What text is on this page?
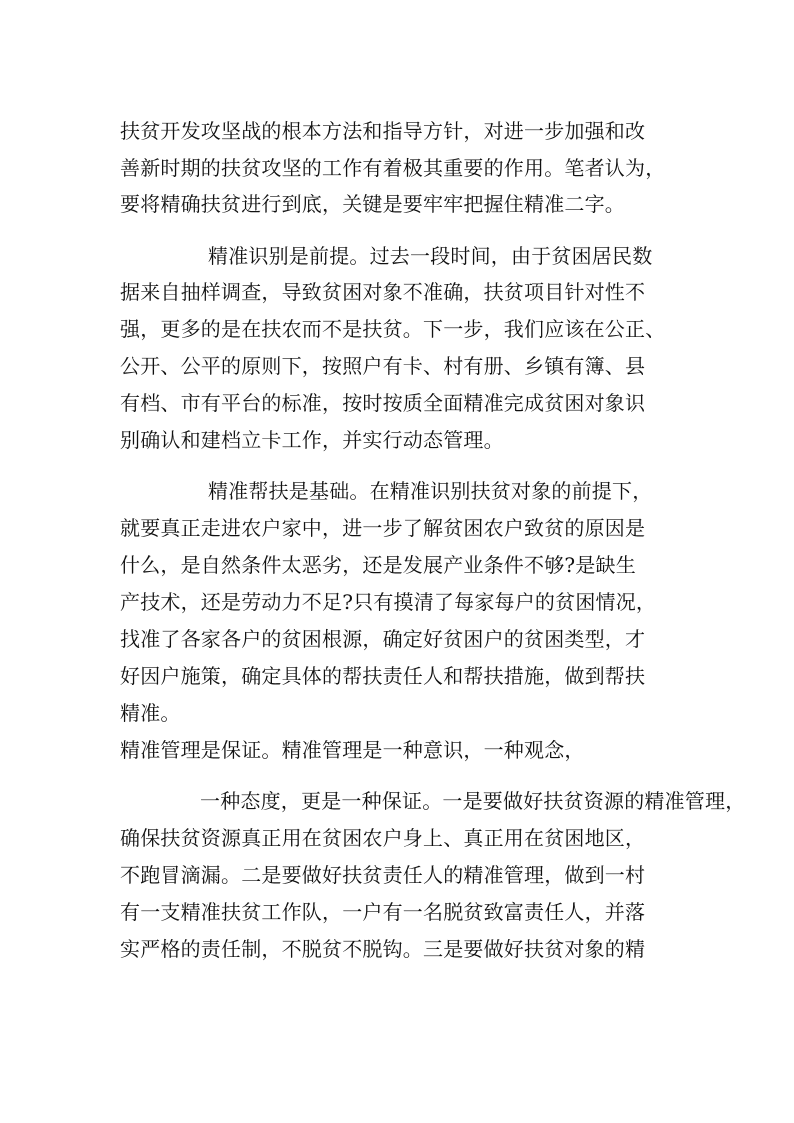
扶贫开发攻坚战的根本方法和指导方针，对进一步加强和改
善新时期的扶贫攻坚的工作有着极其重要的作用。笔者认为，
要将精确扶贫进行到底，关键是要牢牢把握住精准二字。
精准识别是前提。过去一段时间，由于贫困居民数
据来自抽样调查，导致贫困对象不准确，扶贫项目针对性不
强，更多的是在扶农而不是扶贫。下一步，我们应该在公正、
公开、公平的原则下，按照户有卡、村有册、乡镇有簿、县
有档、市有平台的标准，按时按质全面精准完成贫困对象识
别确认和建档立卡工作，并实行动态管理。
精准帮扶是基础。在精准识别扶贫对象的前提下，
就要真正走进农户家中，进一步了解贫困农户致贫的原因是
什么，是自然条件太恶劣，还是发展产业条件不够?是缺生
产技术，还是劳动力不足?只有摸清了每家每户的贫困情况，
找准了各家各户的贫困根源，确定好贫困户的贫困类型，才
好因户施策，确定具体的帮扶责任人和帮扶措施，做到帮扶
精准。
精准管理是保证。精准管理是一种意识，一种观念，
一种态度，更是一种保证。一是要做好扶贫资源的精准管理，
确保扶贫资源真正用在贫困农户身上、真正用在贫困地区，
不跑冒滴漏。二是要做好扶贫责任人的精准管理，做到一村
有一支精准扶贫工作队，一户有一名脱贫致富责任人，并落
实严格的责任制，不脱贫不脱钩。三是要做好扶贫对象的精
